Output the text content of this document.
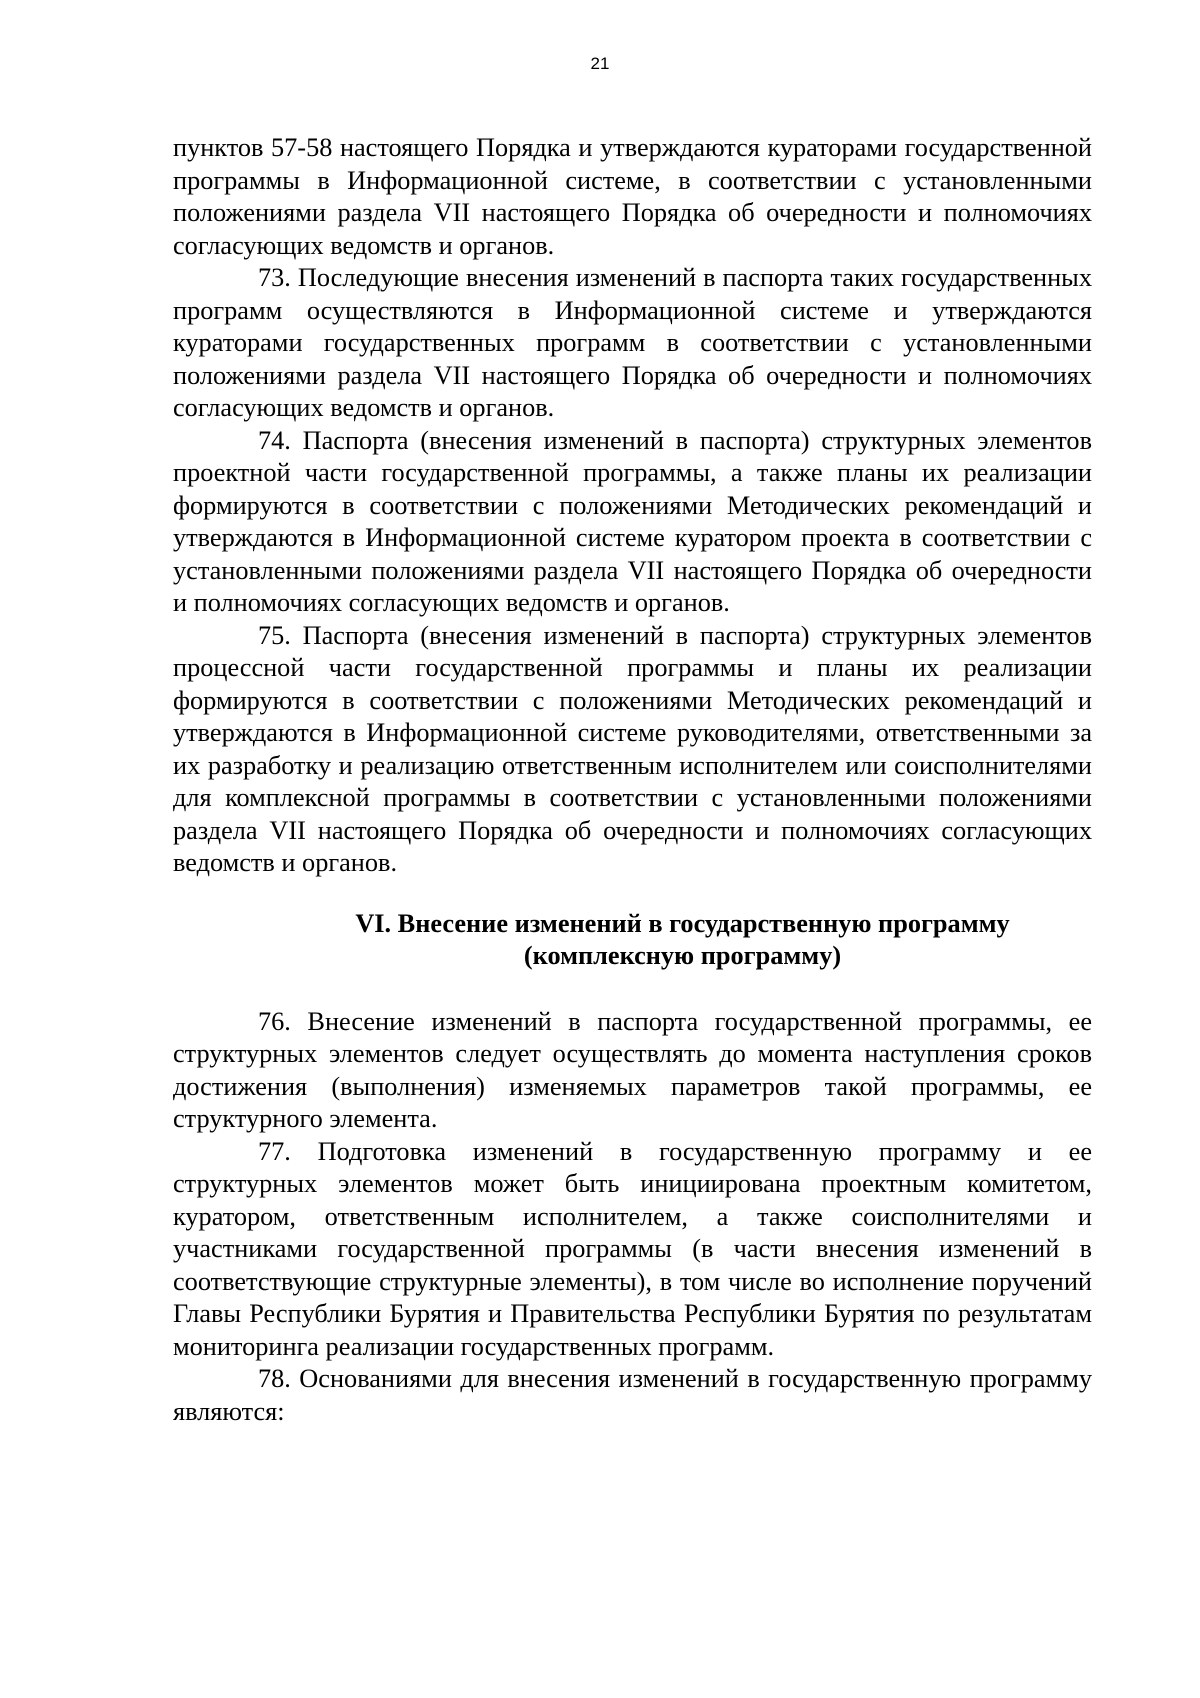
21

пунктов 57-58 настоящего Порядка и утверждаются кураторами государственной программы в Информационной системе, в соответствии с установленными положениями раздела VII настоящего Порядка об очередности и полномочиях согласующих ведомств и органов.

73. Последующие внесения изменений в паспорта таких государственных программ осуществляются в Информационной системе и утверждаются кураторами государственных программ в соответствии с установленными положениями раздела VII настоящего Порядка об очередности и полномочиях согласующих ведомств и органов.

74. Паспорта (внесения изменений в паспорта) структурных элементов проектной части государственной программы, а также планы их реализации формируются в соответствии с положениями Методических рекомендаций и утверждаются в Информационной системе куратором проекта в соответствии с установленными положениями раздела VII настоящего Порядка об очередности и полномочиях согласующих ведомств и органов.

75. Паспорта (внесения изменений в паспорта) структурных элементов процессной части государственной программы и планы их реализации формируются в соответствии с положениями Методических рекомендаций и утверждаются в Информационной системе руководителями, ответственными за их разработку и реализацию ответственным исполнителем или соисполнителями для комплексной программы в соответствии с установленными положениями раздела VII настоящего Порядка об очередности и полномочиях согласующих ведомств и органов.

VI. Внесение изменений в государственную программу
(комплексную программу)

76. Внесение изменений в паспорта государственной программы, ее структурных элементов следует осуществлять до момента наступления сроков достижения (выполнения) изменяемых параметров такой программы, ее структурного элемента.

77. Подготовка изменений в государственную программу и ее структурных элементов может быть инициирована проектным комитетом, куратором, ответственным исполнителем, а также соисполнителями и участниками государственной программы (в части внесения изменений в соответствующие структурные элементы), в том числе во исполнение поручений Главы Республики Бурятия и Правительства Республики Бурятия по результатам мониторинга реализации государственных программ.

78. Основаниями для внесения изменений в государственную программу являются:
